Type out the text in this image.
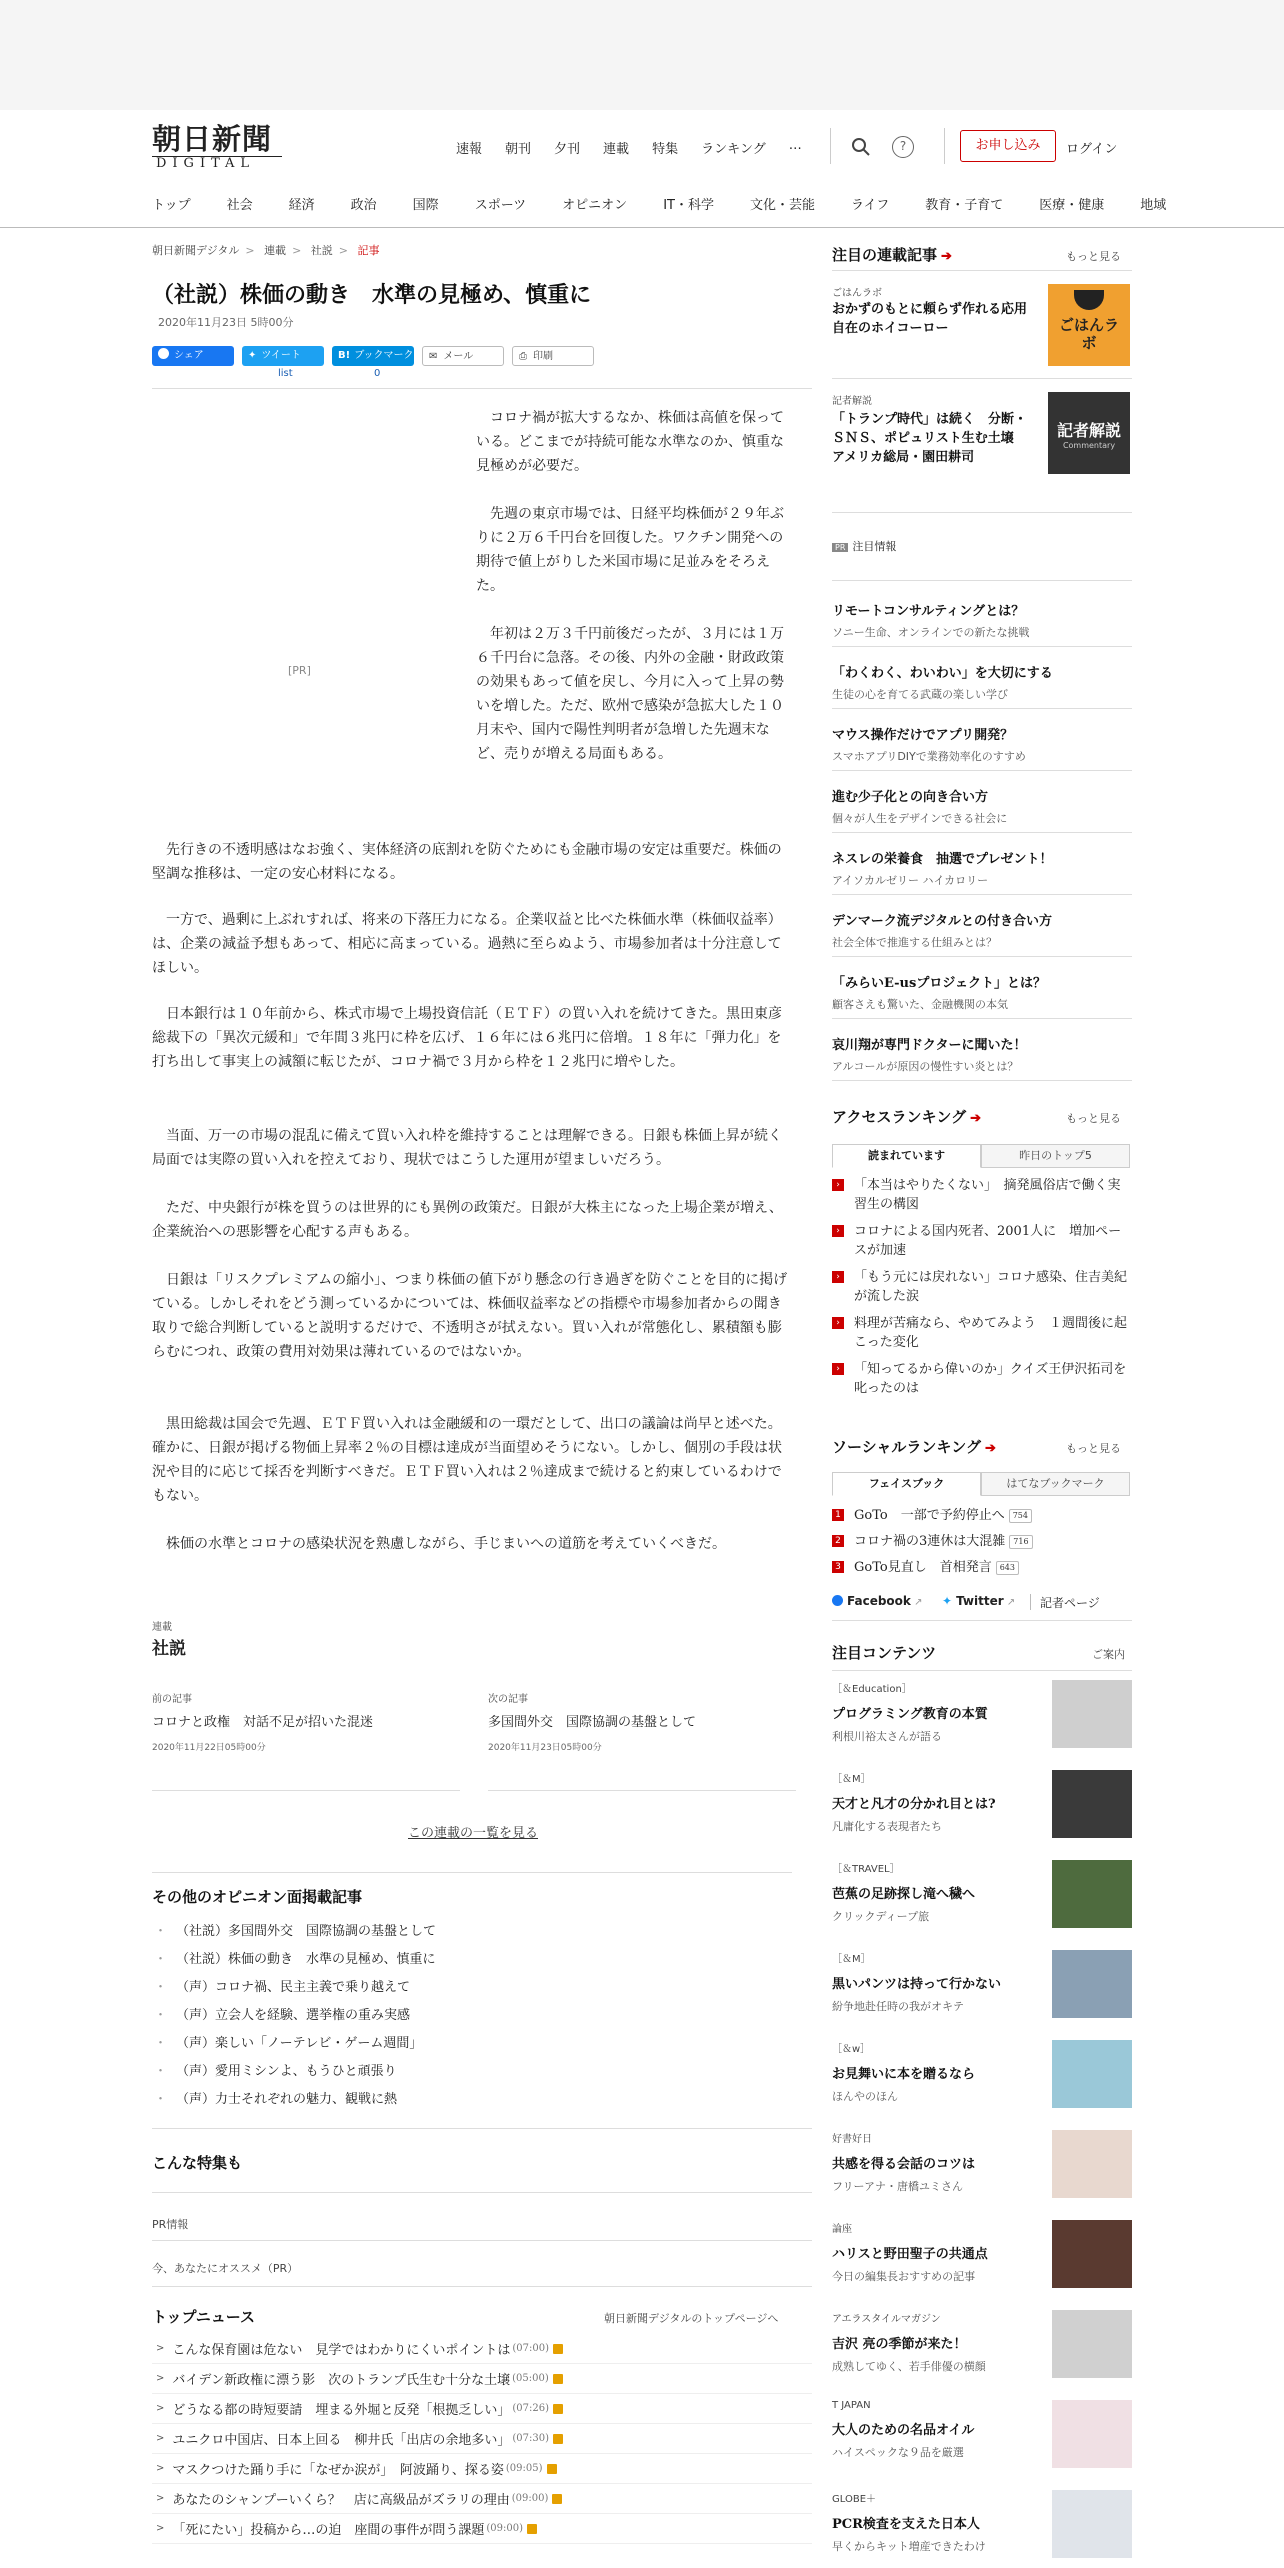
朝日新聞
DIGITAL
速報 朝刊 夕刊 連載 特集 ランキング …	?	お申し込み	ログイン
トップ	社会	経済	政治	国際	スポーツ	オピニオン	IT・科学	文化・芸能	ライフ	教育・子育て	医療・健康	地域
朝日新聞デジタル > 連載 > 社説 > 記事
（社説）株価の動き　水準の見極め、慎重に
2020年11月23日 5時00分
シェア	✦ ツイート
list
B! ブックマーク
0
✉ メール	⎙ 印刷
[PR]

コロナ禍が拡大するなか、株価は高値を保っている。どこまでが持続可能な水準なのか、慎重な見極めが必要だ。

先週の東京市場では、日経平均株価が２９年ぶりに２万６千円台を回復した。ワクチン開発への期待で値上がりした米国市場に足並みをそろえた。

年初は２万３千円前後だったが、３月には１万６千円台に急落。その後、内外の金融・財政政策の効果もあって値を戻し、今月に入って上昇の勢いを増した。ただ、欧州で感染が急拡大した１０月末や、国内で陽性判明者が急増した先週末など、売りが増える局面もある。

先行きの不透明感はなお強く、実体経済の底割れを防ぐためにも金融市場の安定は重要だ。株価の堅調な推移は、一定の安心材料になる。

一方で、過剰に上ぶれすれば、将来の下落圧力になる。企業収益と比べた株価水準（株価収益率）は、企業の減益予想もあって、相応に高まっている。過熱に至らぬよう、市場参加者は十分注意してほしい。

日本銀行は１０年前から、株式市場で上場投資信託（ＥＴＦ）の買い入れを続けてきた。黒田東彦総裁下の「異次元緩和」で年間３兆円に枠を広げ、１６年には６兆円に倍増。１８年に「弾力化」を打ち出して事実上の減額に転じたが、コロナ禍で３月から枠を１２兆円に増やした。

当面、万一の市場の混乱に備えて買い入れ枠を維持することは理解できる。日銀も株価上昇が続く局面では実際の買い入れを控えており、現状ではこうした運用が望ましいだろう。

ただ、中央銀行が株を買うのは世界的にも異例の政策だ。日銀が大株主になった上場企業が増え、企業統治への悪影響を心配する声もある。

日銀は「リスクプレミアムの縮小」、つまり株価の値下がり懸念の行き過ぎを防ぐことを目的に掲げている。しかしそれをどう測っているかについては、株価収益率などの指標や市場参加者からの聞き取りで総合判断していると説明するだけで、不透明さが拭えない。買い入れが常態化し、累積額も膨らむにつれ、政策の費用対効果は薄れているのではないか。

黒田総裁は国会で先週、ＥＴＦ買い入れは金融緩和の一環だとして、出口の議論は尚早と述べた。確かに、日銀が掲げる物価上昇率２％の目標は達成が当面望めそうにない。しかし、個別の手段は状況や目的に応じて採否を判断すべきだ。ＥＴＦ買い入れは２％達成まで続けると約束しているわけでもない。

株価の水準とコロナの感染状況を熟慮しながら、手じまいへの道筋を考えていくべきだ。

連載
社説
前の記事
コロナと政権　対話不足が招いた混迷
2020年11月22日05時00分
次の記事
多国間外交　国際協調の基盤として
2020年11月23日05時00分
この連載の一覧を見る
その他のオピニオン面掲載記事
・ （社説）多国間外交　国際協調の基盤として
・ （社説）株価の動き　水準の見極め、慎重に
・ （声）コロナ禍、民主主義で乗り越えて
・ （声）立会人を経験、選挙権の重み実感
・ （声）楽しい「ノーテレビ・ゲーム週間」
・ （声）愛用ミシンよ、もうひと頑張り
・ （声）力士それぞれの魅力、観戦に熱
こんな特集も
PR情報
今、あなたにオススメ（PR）
トップニュース	朝日新聞デジタルのトップページへ
> こんな保育園は危ない　見学ではわかりにくいポイントは (07:00)
> バイデン新政権に漂う影　次のトランプ氏生む十分な土壌 (05:00)
> どうなる都の時短要請　埋まる外堀と反発「根拠乏しい」 (07:26)
> ユニクロ中国店、日本上回る　柳井氏「出店の余地多い」 (07:30)
> マスクつけた踊り手に「なぜか涙が」　阿波踊り、探る姿 (09:05)
> あなたのシャンプーいくら？　店に高級品がズラリの理由 (09:00)
> 「死にたい」投稿から…の迫　座間の事件が問う課題 (09:00)
注目の連載記事 ➔	もっと見る
ごはんラボ
おかずのもとに頼らず作れる応用自在のホイコーロー	ごはんラボ
記者解説
「トランプ時代」は続く　分断・ＳＮＳ、ポピュリスト生む土壌　アメリカ総局・園田耕司
記者解説
Commentary
PR 注目情報
リモートコンサルティングとは？
ソニー生命、オンラインでの新たな挑戦
「わくわく、わいわい」を大切にする
生徒の心を育てる武蔵の楽しい学び
マウス操作だけでアプリ開発？
スマホアプリDIYで業務効率化のすすめ
進む少子化との向き合い方
個々が人生をデザインできる社会に
ネスレの栄養食　抽選でプレゼント！
アイソカルゼリー ハイカロリー
デンマーク流デジタルとの付き合い方
社会全体で推進する仕組みとは？
「みらいE-usプロジェクト」とは？
顧客さえも驚いた、金融機関の本気
哀川翔が専門ドクターに聞いた！
アルコールが原因の慢性すい炎とは？
アクセスランキング ➔	もっと見る
読まれています	昨日のトップ5
›	「本当はやりたくない」　摘発風俗店で働く実習生の構図
›	コロナによる国内死者、2001人に　増加ペースが加速
›	「もう元には戻れない」コロナ感染、住吉美紀が流した涙
›	料理が苦痛なら、やめてみよう　１週間後に起こった変化
›	「知ってるから偉いのか」クイズ王伊沢拓司を叱ったのは
ソーシャルランキング ➔	もっと見る
フェイスブック	はてなブックマーク
1 GoTo　一部で予約停止へ 754
2 コロナ禍の3連休は大混雑 716
3 GoTo見直し　首相発言 643
Facebook ↗ ✦ Twitter ↗ 記者ページ
注目コンテンツ	ご案内
［＆Education］
プログラミング教育の本質
利根川裕太さんが語る
［＆M］
天才と凡才の分かれ目とは?
凡庸化する表現者たち
［＆TRAVEL］
芭蕉の足跡探し滝へ穢へ
クリックディープ旅
［＆M］
黒いパンツは持って行かない
紛争地赴任時の我がオキテ
［＆w］
お見舞いに本を贈るなら
ほんやのほん
好書好日
共感を得る会話のコツは
フリーアナ・唐橋ユミさん
論座
ハリスと野田聖子の共通点
今日の編集長おすすめの記事
アエラスタイルマガジン
吉沢 亮の季節が来た！
成熟してゆく、若手俳優の横顔
T JAPAN
大人のための名品オイル
ハイスペックな９品を厳選
GLOBE＋
PCR検査を支えた日本人
早くからキット増産できたわけ
